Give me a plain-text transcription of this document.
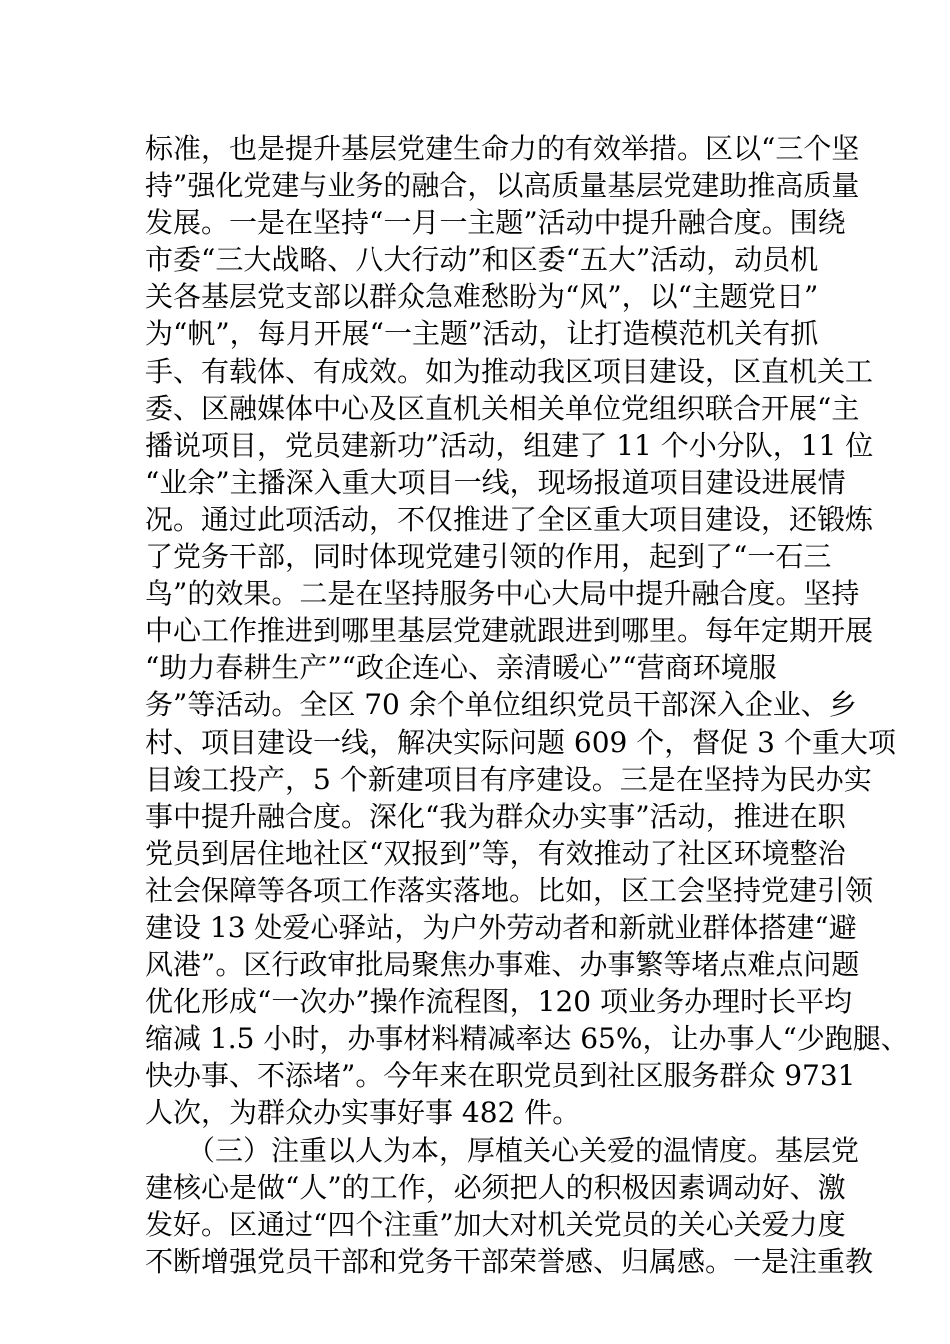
标准，也是提升基层党建生命力的有效举措。区以“三个坚
持”强化党建与业务的融合，以高质量基层党建助推高质量
发展。一是在坚持“一月一主题”活动中提升融合度。围绕
市委“三大战略、八大行动”和区委“五大”活动，动员机
关各基层党支部以群众急难愁盼为“风”，以“主题党日”
为“帆”，每月开展“一主题”活动，让打造模范机关有抓
手、有载体、有成效。如为推动我区项目建设，区直机关工
委、区融媒体中心及区直机关相关单位党组织联合开展“主
播说项目，党员建新功”活动，组建了 11 个小分队，11 位
“业余”主播深入重大项目一线，现场报道项目建设进展情
况。通过此项活动，不仅推进了全区重大项目建设，还锻炼
了党务干部，同时体现党建引领的作用，起到了“一石三
鸟”的效果。二是在坚持服务中心大局中提升融合度。坚持
中心工作推进到哪里基层党建就跟进到哪里。每年定期开展
“助力春耕生产”“政企连心、亲清暖心”“营商环境服
务”等活动。全区 70 余个单位组织党员干部深入企业、乡
村、项目建设一线，解决实际问题 609 个，督促 3 个重大项
目竣工投产，5 个新建项目有序建设。三是在坚持为民办实
事中提升融合度。深化“我为群众办实事”活动，推进在职
党员到居住地社区“双报到”等，有效推动了社区环境整治
社会保障等各项工作落实落地。比如，区工会坚持党建引领
建设 13 处爱心驿站，为户外劳动者和新就业群体搭建“避
风港”。区行政审批局聚焦办事难、办事繁等堵点难点问题
优化形成“一次办”操作流程图，120 项业务办理时长平均
缩减 1.5 小时，办事材料精减率达 65%，让办事人“少跑腿、
快办事、不添堵”。今年来在职党员到社区服务群众 9731
人次，为群众办实事好事 482 件。
　　（三）注重以人为本，厚植关心关爱的温情度。基层党
建核心是做“人”的工作，必须把人的积极因素调动好、激
发好。区通过“四个注重”加大对机关党员的关心关爱力度
不断增强党员干部和党务干部荣誉感、归属感。一是注重教
